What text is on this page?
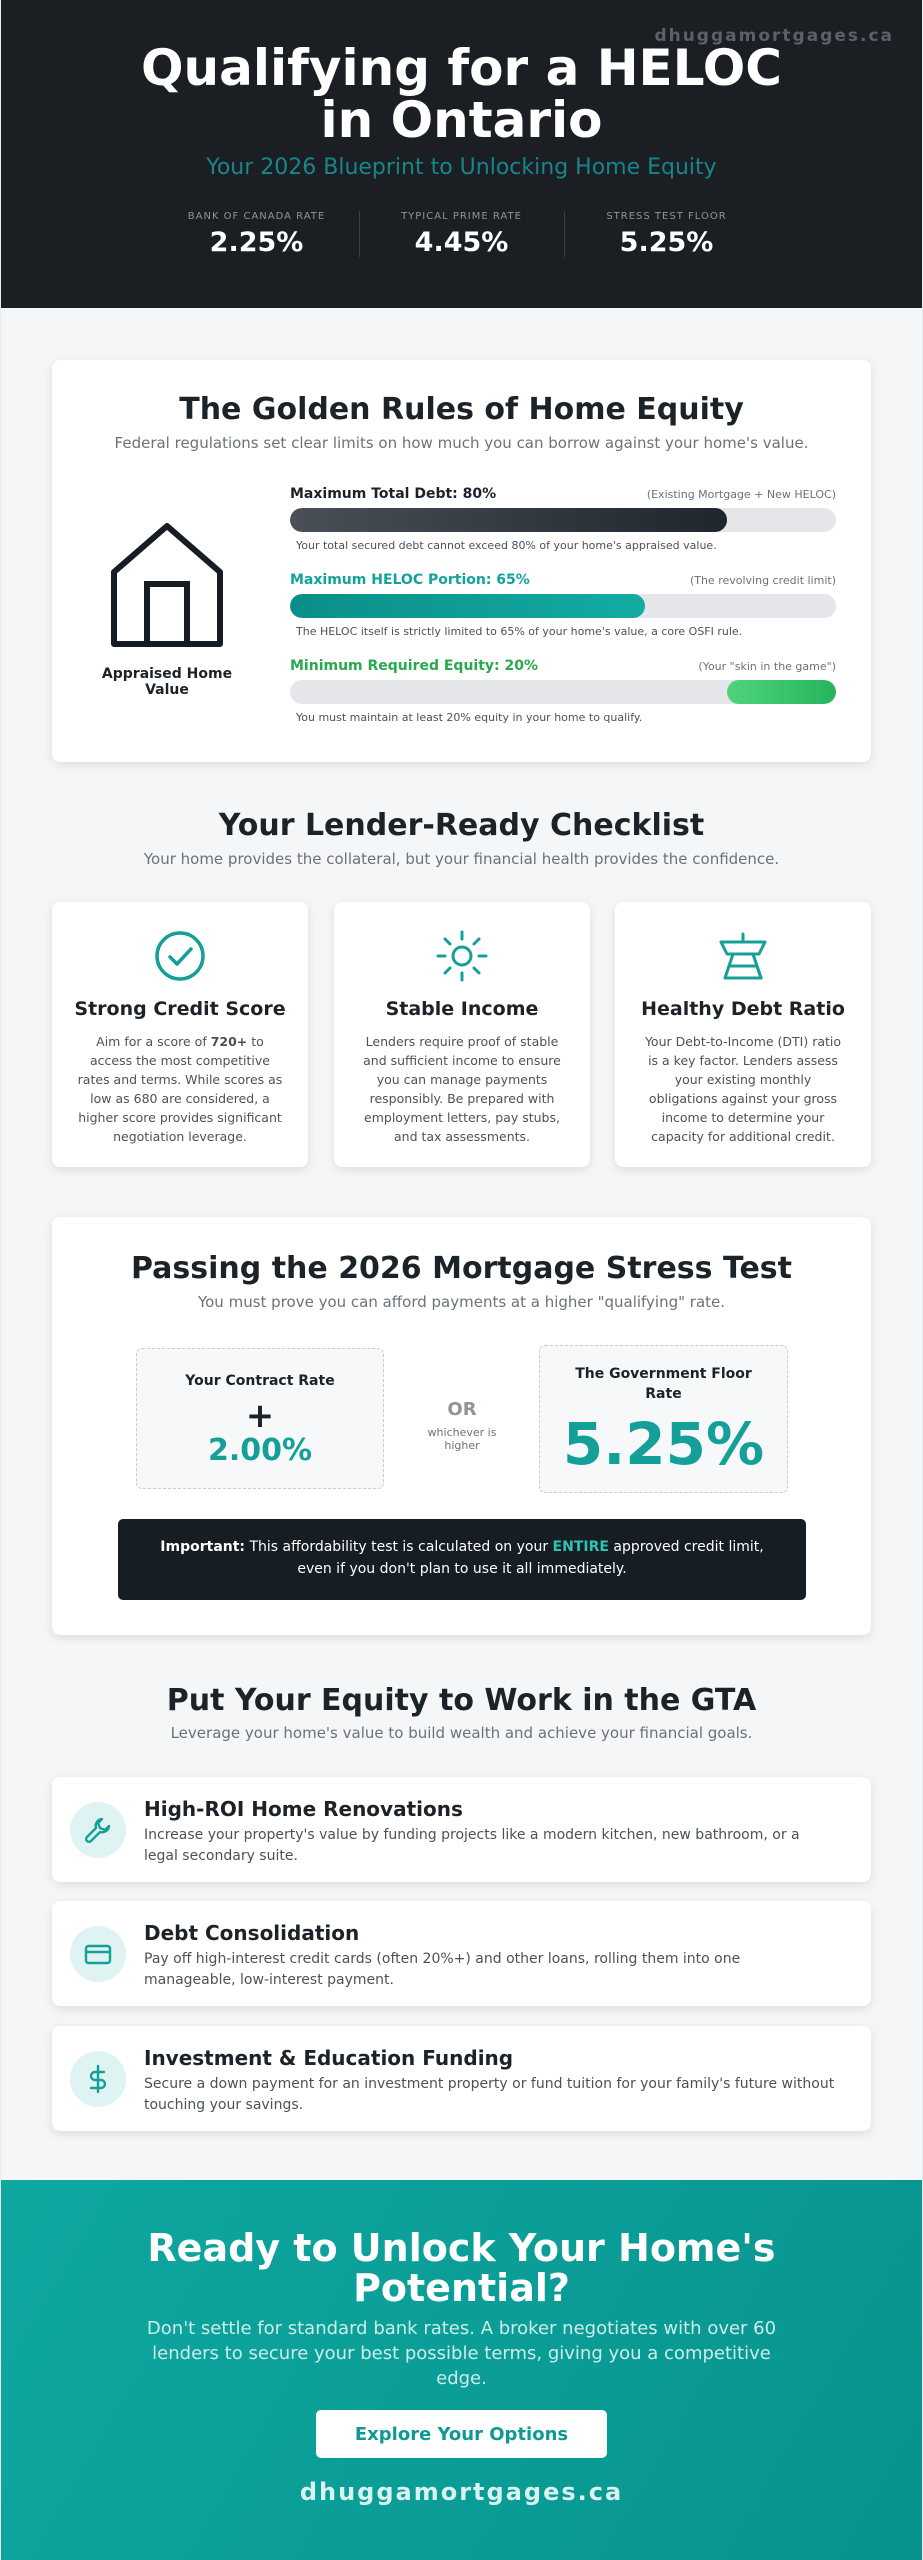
dhuggamortgages.ca
Qualifying for a HELOC in Ontario
Your 2026 Blueprint to Unlocking Home Equity
BANK OF CANADA RATE
2.25%
TYPICAL PRIME RATE
4.45%
STRESS TEST FLOOR
5.25%
The Golden Rules of Home Equity
Federal regulations set clear limits on how much you can borrow against your home's value.
Appraised Home Value
Maximum Total Debt: 80%	(Existing Mortgage + New HELOC)
Your total secured debt cannot exceed 80% of your home's appraised value.
Maximum HELOC Portion: 65%	(The revolving credit limit)
The HELOC itself is strictly limited to 65% of your home's value, a core OSFI rule.
Minimum Required Equity: 20%	(Your "skin in the game")
You must maintain at least 20% equity in your home to qualify.
Your Lender-Ready Checklist
Your home provides the collateral, but your financial health provides the confidence.
Strong Credit Score

Aim for a score of 720+ to access the most competitive rates and terms. While scores as low as 680 are considered, a higher score provides significant negotiation leverage.

Stable Income

Lenders require proof of stable and sufficient income to ensure you can manage payments responsibly. Be prepared with employment letters, pay stubs, and tax assessments.

Healthy Debt Ratio

Your Debt-to-Income (DTI) ratio is a key factor. Lenders assess your existing monthly obligations against your gross income to determine your capacity for additional credit.

Passing the 2026 Mortgage Stress Test
You must prove you can afford payments at a higher "qualifying" rate.
Your Contract Rate
+
2.00%
OR
whichever is higher
The Government Floor Rate
5.25%
Important: This affordability test is calculated on your ENTIRE approved credit limit, even if you don't plan to use it all immediately.
Put Your Equity to Work in the GTA
Leverage your home's value to build wealth and achieve your financial goals.
High-ROI Home Renovations

Increase your property's value by funding projects like a modern kitchen, new bathroom, or a legal secondary suite.

Debt Consolidation

Pay off high-interest credit cards (often 20%+) and other loans, rolling them into one manageable, low-interest payment.

Investment & Education Funding

Secure a down payment for an investment property or fund tuition for your family's future without touching your savings.

Ready to Unlock Your Home's Potential?

Don't settle for standard bank rates. A broker negotiates with over 60 lenders to secure your best possible terms, giving you a competitive edge.

Explore Your Options
dhuggamortgages.ca
